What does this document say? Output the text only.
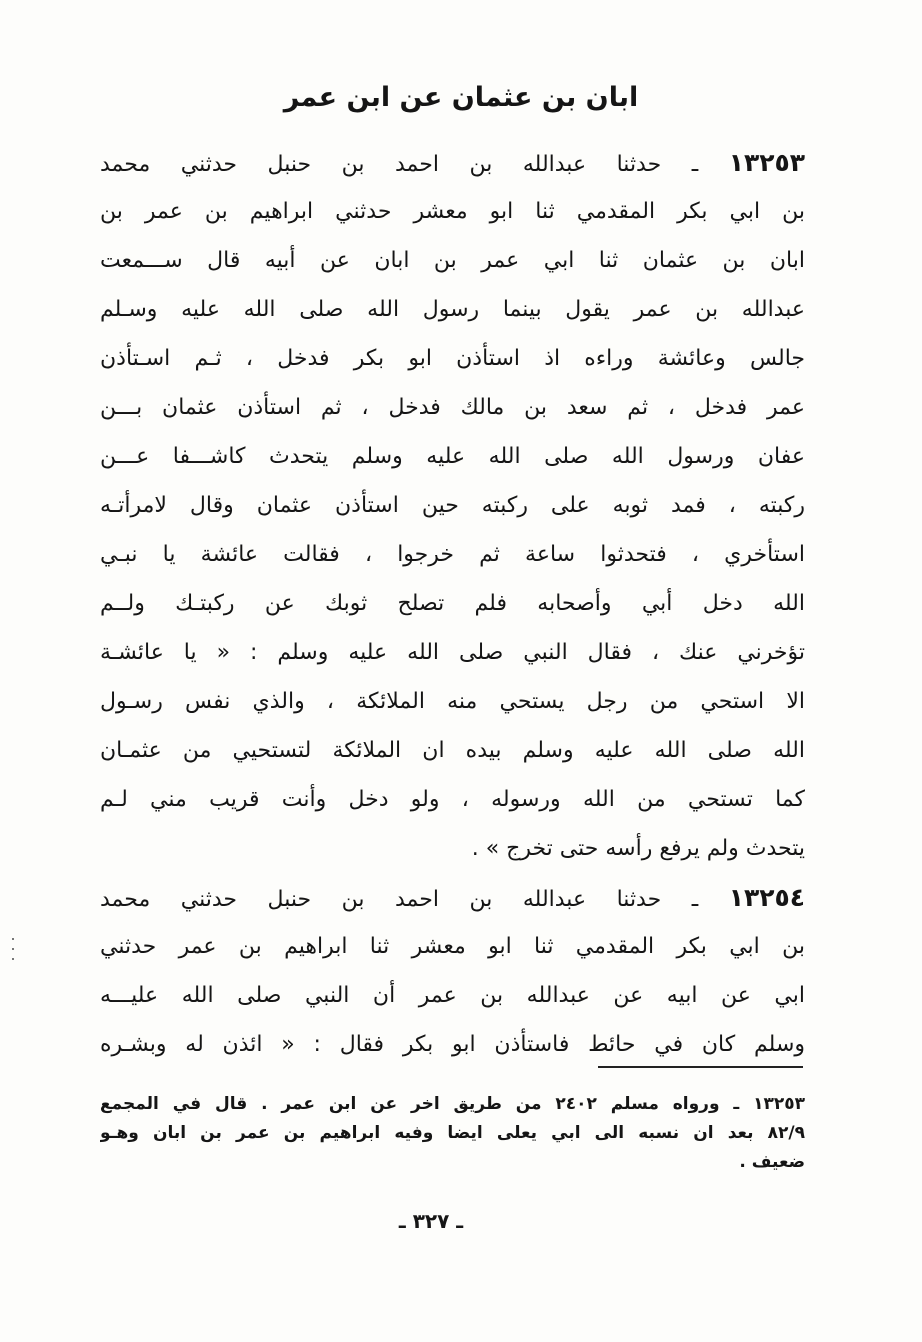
ابان بن عثمان عن ابن عمر
١٣٢٥٣ ـ حدثنا عبدالله بن احمد بن حنبل حدثني محمد
بن ابي بكر المقدمي ثنا ابو معشر حدثني ابراهيم بن عمر بن
ابان بن عثمان ثنا ابي عمر بن ابان عن أبيه قال ســـمعت
عبدالله بن عمر يقول بينما رسول الله صلى الله عليه وسـلم
جالس وعائشة وراءه اذ استأذن ابو بكر فدخل ، ثـم اسـتأذن
عمر فدخل ، ثم سعد بن مالك فدخل ، ثم استأذن عثمان بـــن
عفان ورسول الله صلى الله عليه وسلم يتحدث كاشـــفا عـــن
ركبته ، فمد ثوبه على ركبته حين استأذن عثمان وقال لامرأتـه
استأخري ، فتحدثوا ساعة ثم خرجوا ، فقالت عائشة يا نبـي
الله دخل أبي وأصحابه فلم تصلح ثوبك عن ركبتـك ولــم
تؤخرني عنك ، فقال النبي صلى الله عليه وسلم : « يا عائشـة
الا استحي من رجل يستحي منه الملائكة ، والذي نفس رسـول
الله صلى الله عليه وسلم بيده ان الملائكة لتستحيي من عثمـان
كما تستحي من الله ورسوله ، ولو دخل وأنت قريب مني لـم
يتحدث ولم يرفع رأسه حتى تخرج » .
١٣٢٥٤ ـ حدثنا عبدالله بن احمد بن حنبل حدثني محمد
بن ابي بكر المقدمي ثنا ابو معشر ثنا ابراهيم بن عمر حدثني
ابي عن ابيه عن عبدالله بن عمر أن النبي صلى الله عليـــه
وسلم كان في حائط فاستأذن ابو بكر فقال : « ائذن له وبشـره
١٣٢٥٣ ـ ورواه مسلم ٢٤٠٢ من طريق اخر عن ابن عمر . قال في المجمع
٨٢/٩ بعد ان نسبه الى ابي يعلى ايضا وفيه ابراهيم بن عمر بن ابان وهـو
ضعيف .
ـ ٣٢٧ ـ
